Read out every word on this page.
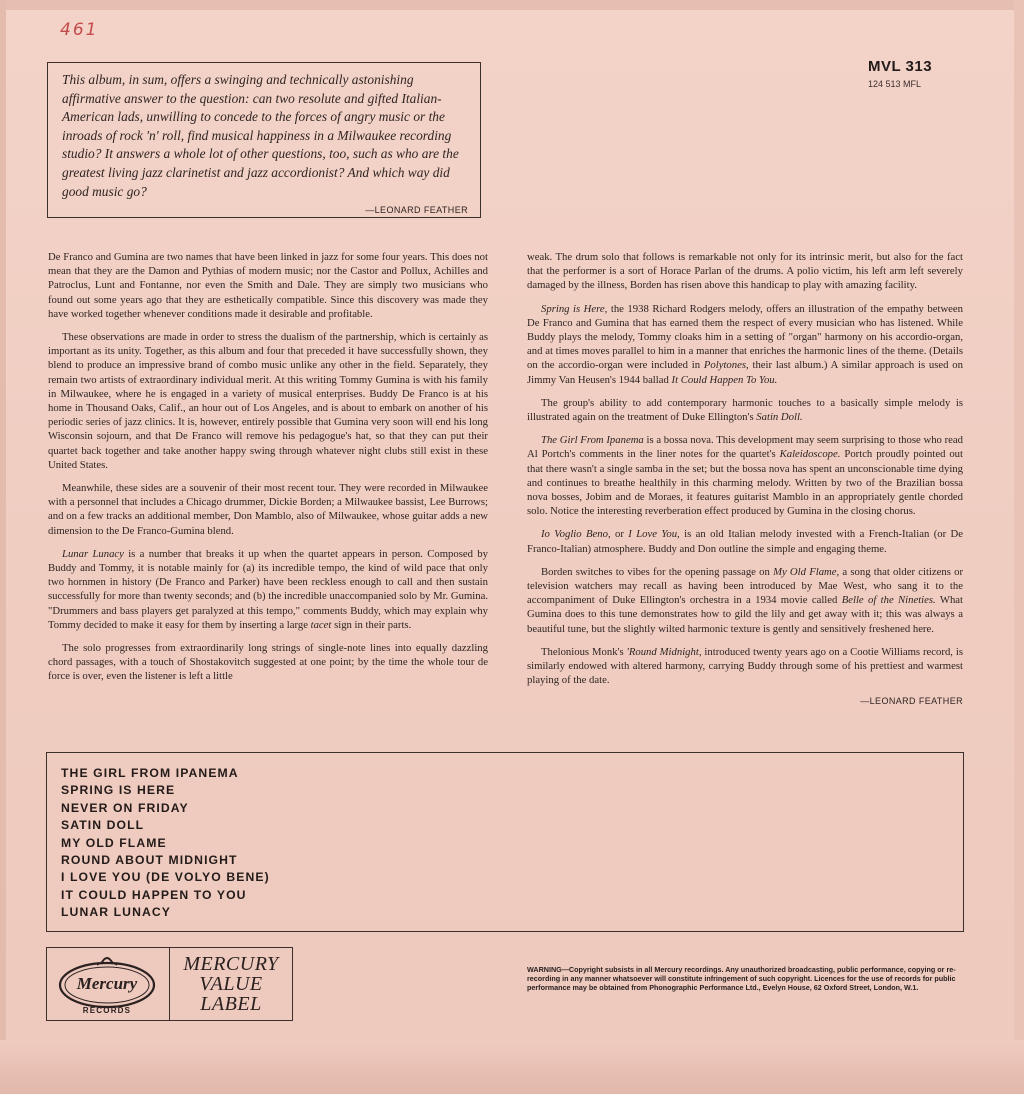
461
MVL 313
124 513 MFL
This album, in sum, offers a swinging and technically astonishing affirmative answer to the question: can two resolute and gifted Italian-American lads, unwilling to concede to the forces of angry music or the inroads of rock 'n' roll, find musical happiness in a Milwaukee recording studio? It answers a whole lot of other questions, too, such as who are the greatest living jazz clarinetist and jazz accordionist? And which way did good music go?
—LEONARD FEATHER

De Franco and Gumina are two names that have been linked in jazz for some four years. This does not mean that they are the Damon and Pythias of modern music; nor the Castor and Pollux, Achilles and Patroclus, Lunt and Fontanne, nor even the Smith and Dale. They are simply two musicians who found out some years ago that they are esthetically compatible. Since this discovery was made they have worked together whenever conditions made it desirable and profitable.

These observations are made in order to stress the dualism of the partnership, which is certainly as important as its unity. Together, as this album and four that preceded it have successfully shown, they blend to produce an impressive brand of combo music unlike any other in the field. Separately, they remain two artists of extraordinary individual merit. At this writing Tommy Gumina is with his family in Milwaukee, where he is engaged in a variety of musical enterprises. Buddy De Franco is at his home in Thousand Oaks, Calif., an hour out of Los Angeles, and is about to embark on another of his periodic series of jazz clinics. It is, however, entirely possible that Gumina very soon will end his long Wisconsin sojourn, and that De Franco will remove his pedagogue's hat, so that they can put their quartet back together and take another happy swing through whatever night clubs still exist in these United States.

Meanwhile, these sides are a souvenir of their most recent tour. They were recorded in Milwaukee with a personnel that includes a Chicago drummer, Dickie Borden; a Milwaukee bassist, Lee Burrows; and on a few tracks an additional member, Don Mamblo, also of Milwaukee, whose guitar adds a new dimension to the De Franco-Gumina blend.

Lunar Lunacy is a number that breaks it up when the quartet appears in person. Composed by Buddy and Tommy, it is notable mainly for (a) its incredible tempo, the kind of wild pace that only two hornmen in history (De Franco and Parker) have been reckless enough to call and then sustain successfully for more than twenty seconds; and (b) the incredible unaccompanied solo by Mr. Gumina. "Drummers and bass players get paralyzed at this tempo," comments Buddy, which may explain why Tommy decided to make it easy for them by inserting a large tacet sign in their parts.

The solo progresses from extraordinarily long strings of single-note lines into equally dazzling chord passages, with a touch of Shostakovitch suggested at one point; by the time the whole tour de force is over, even the listener is left a little

weak. The drum solo that follows is remarkable not only for its intrinsic merit, but also for the fact that the performer is a sort of Horace Parlan of the drums. A polio victim, his left arm left severely damaged by the illness, Borden has risen above this handicap to play with amazing facility.

Spring is Here, the 1938 Richard Rodgers melody, offers an illustration of the empathy between De Franco and Gumina that has earned them the respect of every musician who has listened. While Buddy plays the melody, Tommy cloaks him in a setting of "organ" harmony on his accordio-organ, and at times moves parallel to him in a manner that enriches the harmonic lines of the theme. (Details on the accordio-organ were included in Polytones, their last album.) A similar approach is used on Jimmy Van Heusen's 1944 ballad It Could Happen To You.

The group's ability to add contemporary harmonic touches to a basically simple melody is illustrated again on the treatment of Duke Ellington's Satin Doll.

The Girl From Ipanema is a bossa nova. This development may seem surprising to those who read Al Portch's comments in the liner notes for the quartet's Kaleidoscope. Portch proudly pointed out that there wasn't a single samba in the set; but the bossa nova has spent an unconscionable time dying and continues to breathe healthily in this charming melody. Written by two of the Brazilian bossa nova bosses, Jobim and de Moraes, it features guitarist Mamblo in an appropriately gentle chorded solo. Notice the interesting reverberation effect produced by Gumina in the closing chorus.

Io Voglio Beno, or I Love You, is an old Italian melody invested with a French-Italian (or De Franco-Italian) atmosphere. Buddy and Don outline the simple and engaging theme.

Borden switches to vibes for the opening passage on My Old Flame, a song that older citizens or television watchers may recall as having been introduced by Mae West, who sang it to the accompaniment of Duke Ellington's orchestra in a 1934 movie called Belle of the Nineties. What Gumina does to this tune demonstrates how to gild the lily and get away with it; this was always a beautiful tune, but the slightly wilted harmonic texture is gently and sensitively freshened here.

Thelonious Monk's 'Round Midnight, introduced twenty years ago on a Cootie Williams record, is similarly endowed with altered harmony, carrying Buddy through some of his prettiest and warmest playing of the date.

—LEONARD FEATHER
THE GIRL FROM IPANEMA
SPRING IS HERE
NEVER ON FRIDAY
SATIN DOLL
MY OLD FLAME
ROUND ABOUT MIDNIGHT
I LOVE YOU (DE VOLYO BENE)
IT COULD HAPPEN TO YOU
LUNAR LUNACY
Mercury
RECORDS
MERCURY
VALUE
LABEL
WARNING—Copyright subsists in all Mercury recordings. Any unauthorized broadcasting, public performance, copying or re-recording in any manner whatsoever will constitute infringement of such copyright. Licences for the use of records for public performance may be obtained from Phonographic Performance Ltd., Evelyn House, 62 Oxford Street, London, W.1.
